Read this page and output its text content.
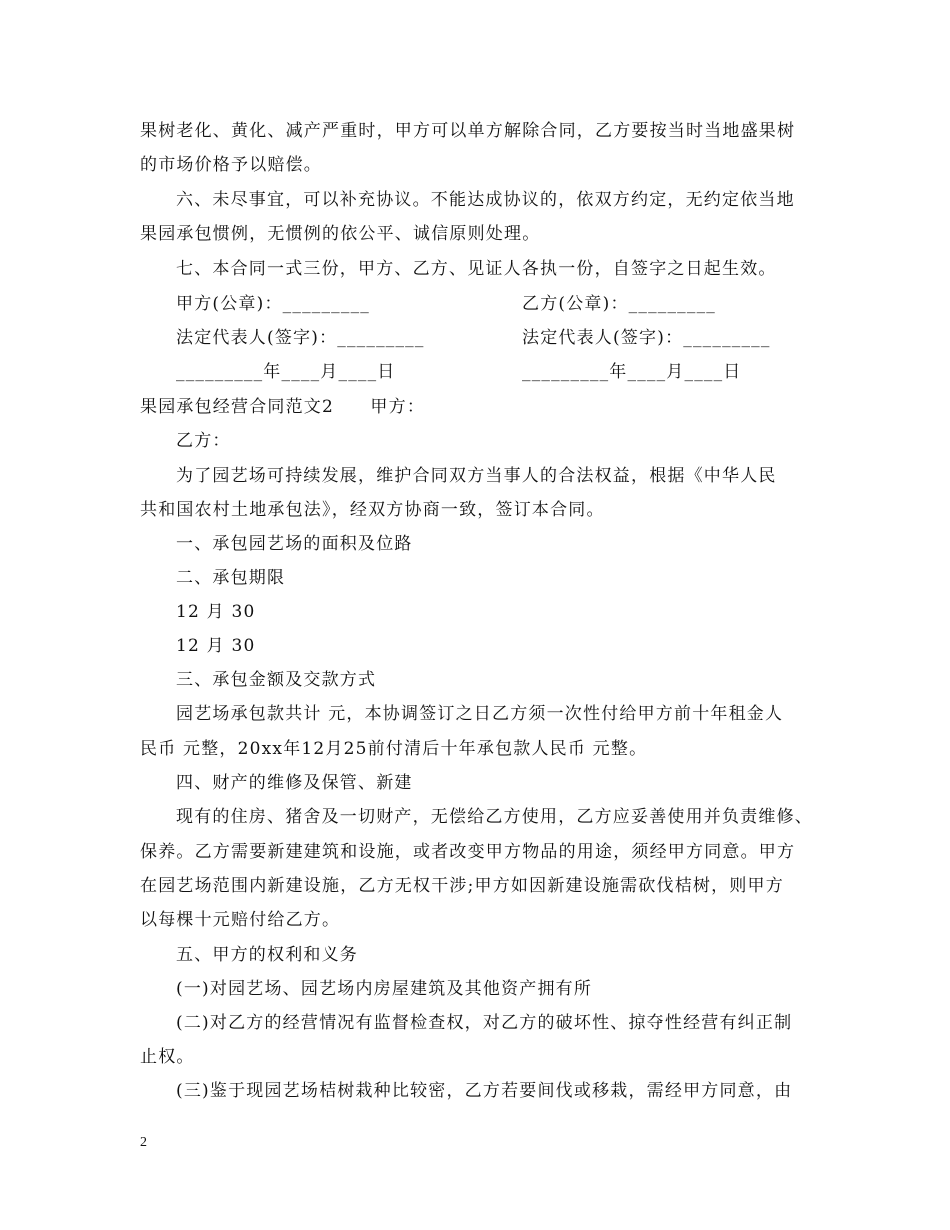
果树老化、黄化、减产严重时，甲方可以单方解除合同，乙方要按当时当地盛果树
的市场价格予以赔偿。
六、未尽事宜，可以补充协议。不能达成协议的，依双方约定，无约定依当地
果园承包惯例，无惯例的依公平、诚信原则处理。
七、本合同一式三份，甲方、乙方、见证人各执一份，自签字之日起生效。
甲方(公章)：_________	乙方(公章)：_________
法定代表人(签字)：_________	法定代表人(签字)：_________
_________年____月____日	_________年____月____日
果园承包经营合同范文2　　甲方：
乙方：
为了园艺场可持续发展，维护合同双方当事人的合法权益，根据《中华人民
共和国农村土地承包法》，经双方协商一致，签订本合同。
一、承包园艺场的面积及位路
二、承包期限
12 月 30
12 月 30
三、承包金额及交款方式
园艺场承包款共计 元，本协调签订之日乙方须一次性付给甲方前十年租金人
民币 元整，20xx年12月25前付清后十年承包款人民币 元整。
四、财产的维修及保管、新建
现有的住房、猪舍及一切财产，无偿给乙方使用，乙方应妥善使用并负责维修、
保养。乙方需要新建建筑和设施，或者改变甲方物品的用途，须经甲方同意。甲方
在园艺场范围内新建设施，乙方无权干涉;甲方如因新建设施需砍伐桔树，则甲方
以每棵十元赔付给乙方。
五、甲方的权利和义务
(一)对园艺场、园艺场内房屋建筑及其他资产拥有所
(二)对乙方的经营情况有监督检查权，对乙方的破坏性、掠夺性经营有纠正制
止权。
(三)鉴于现园艺场桔树栽种比较密，乙方若要间伐或移栽，需经甲方同意，由
2
